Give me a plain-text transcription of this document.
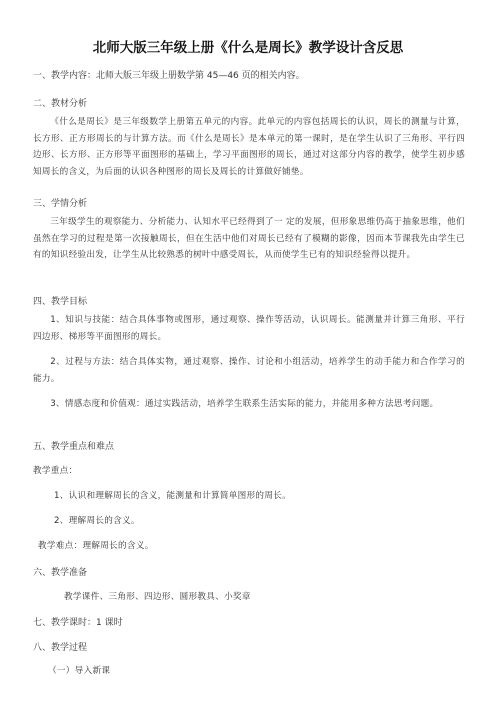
北师大版三年级上册《什么是周长》教学设计含反思
一、教学内容：北师大版三年级上册数学第 45—46 页的相关内容。
二、教材分析
《什么是周长》是三年级数学上册第五单元的内容。此单元的内容包括周长的认识，周长的测量与计算，长方形、正方形周长的与计算方法。而《什么是周长》是本单元的第一课时，是在学生认识了三角形、平行四边形、长方形、正方形等平面图形的基础上，学习平面图形的周长，通过对这部分内容的教学，使学生初步感知周长的含义，为后面的认识各种图形的周长及周长的计算做好铺垫。
三、学情分析
三年级学生的观察能力、分析能力、认知水平已经得到了一 定的发展，但形象思维仍高于抽象思维，他们虽然在学习的过程是第一次接触周长，但在生活中他们对周长已经有了模糊的影像，因而本节课我先由学生已有的知识经验出发，让学生从比较熟悉的树叶中感受周长，从而使学生已有的知识经验得以提升。
四、教学目标
1、知识与技能：结合具体事物或图形，通过观察、操作等活动，认识周长。能测量并计算三角形、平行四边形、梯形等平面图形的周长。
2、过程与方法：结合具体实物，通过观察、操作、讨论和小组活动，培养学生的动手能力和合作学习的能力。
3、情感态度和价值观：通过实践活动，培养学生联系生活实际的能力，并能用多种方法思考问题。
五、教学重点和难点
教学重点：
1、认识和理解周长的含义，能测量和计算简单图形的周长。
2、理解周长的含义。
教学难点：理解周长的含义。
六、教学准备
教学课件、三角形、四边形、圆形教具、小奖章
七、教学课时：1 课时
八、教学过程
（一）导入新课
